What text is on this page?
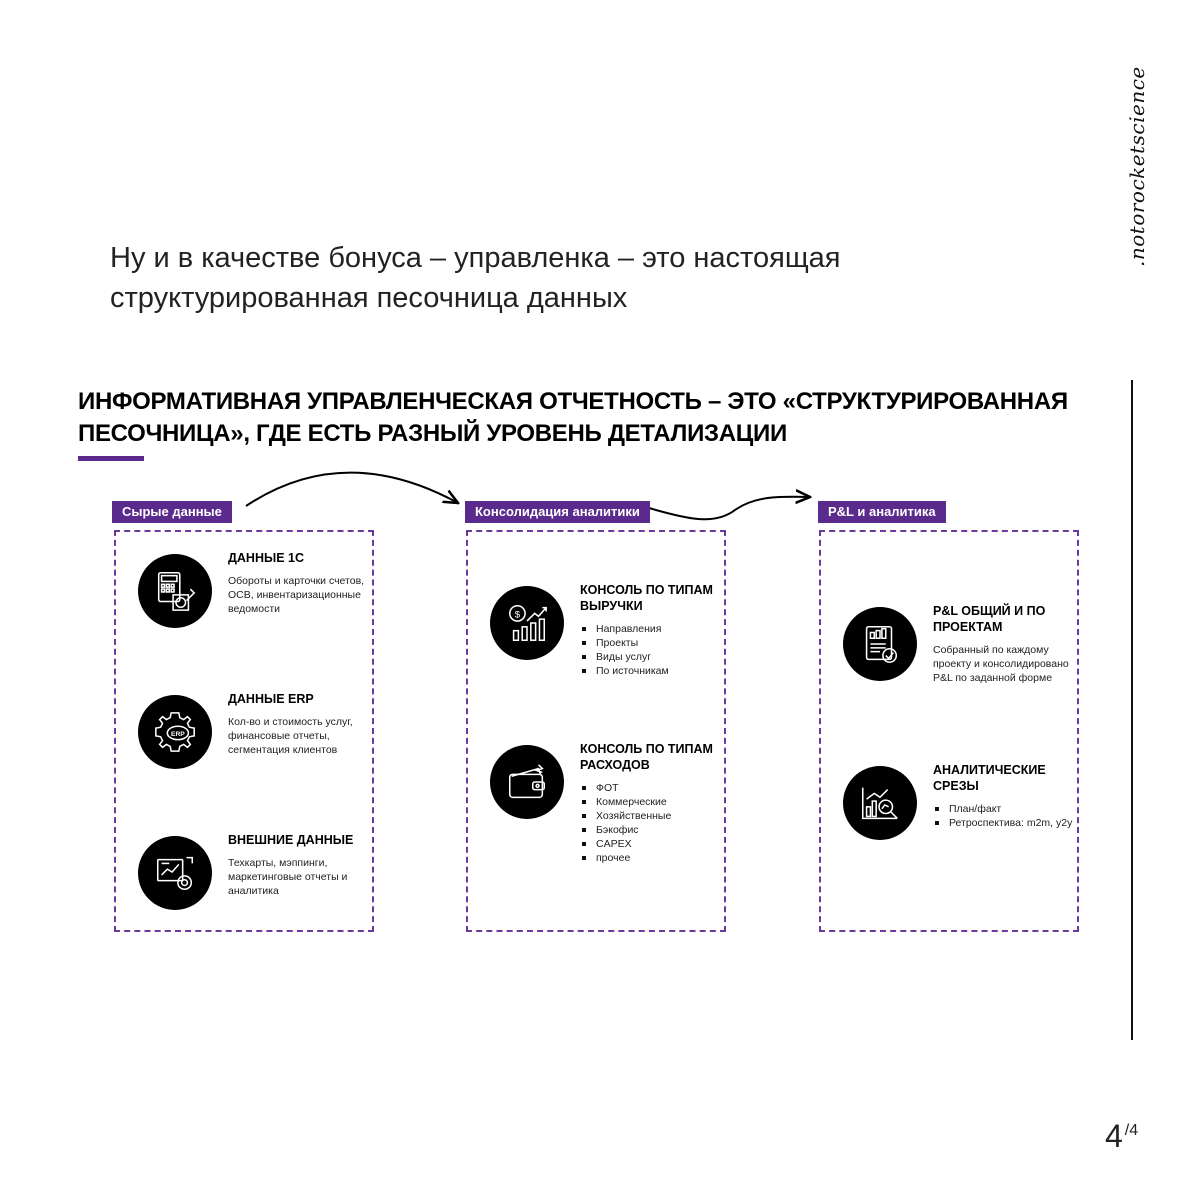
.notorocketscience
Ну и в качестве бонуса – управленка – это настоящая структурированная песочница данных
ИНФОРМАТИВНАЯ УПРАВЛЕНЧЕСКАЯ ОТЧЕТНОСТЬ – ЭТО «СТРУКТУРИРОВАННАЯ ПЕСОЧНИЦА», ГДЕ ЕСТЬ РАЗНЫЙ УРОВЕНЬ ДЕТАЛИЗАЦИИ
Сырые данные
ДАННЫЕ 1С
Обороты и карточки счетов, ОСВ, инвентаризационные ведомости
ERP
ДАННЫЕ ERP
Кол-во и стоимость услуг, финансовые отчеты, сегментация клиентов
ВНЕШНИЕ ДАННЫЕ
Техкарты, мэппинги, маркетинговые отчеты и аналитика
Консолидация аналитики
$
КОНСОЛЬ ПО ТИПАМ ВЫРУЧКИ
Направления
Проекты
Виды услуг
По источникам
КОНСОЛЬ ПО ТИПАМ РАСХОДОВ
ФОТ
Коммерческие
Хозяйственные
Бэкофис
CAPEX
прочее
P&L и аналитика
P&L ОБЩИЙ И ПО ПРОЕКТАМ
Собранный по каждому проекту и консолидировано P&L по заданной форме
АНАЛИТИЧЕСКИЕ СРЕЗЫ
План/факт
Ретроспектива: m2m, y2y
4 $^{/4}$
